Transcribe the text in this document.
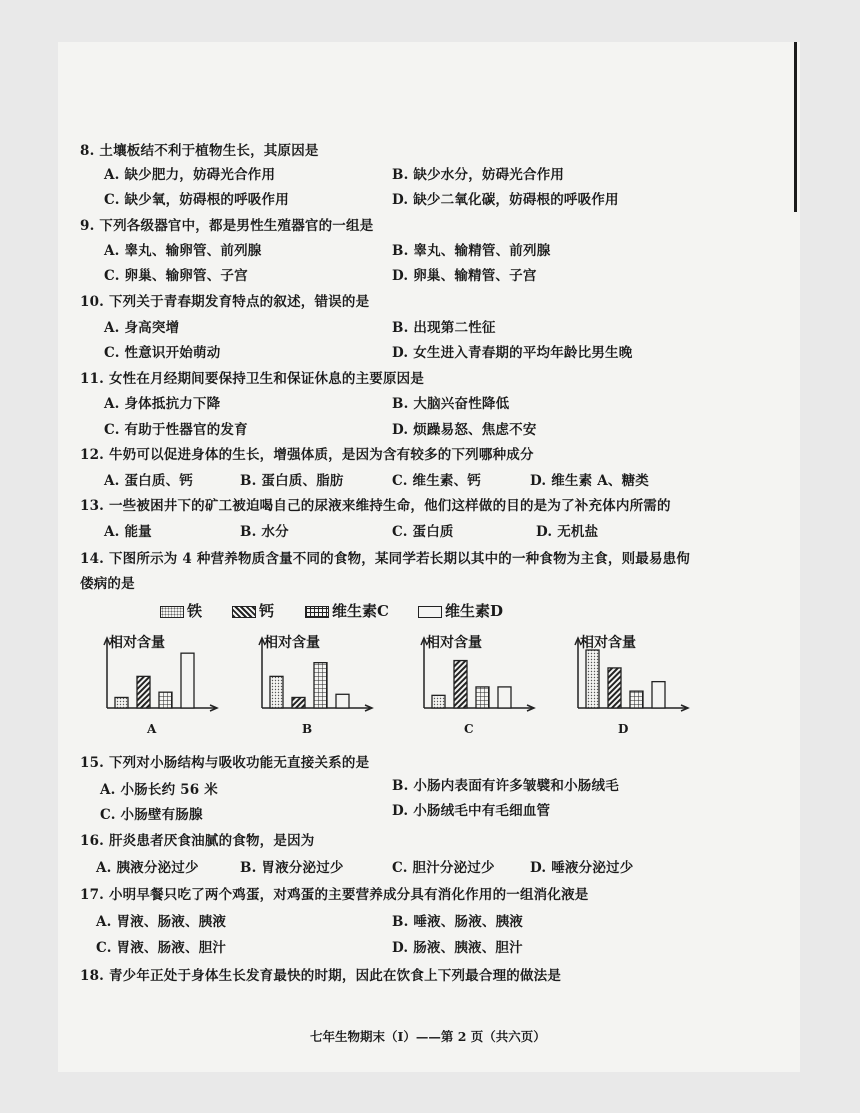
8. 土壤板结不利于植物生长，其原因是
A. 缺少肥力，妨碍光合作用	B. 缺少水分，妨碍光合作用
C. 缺少氧，妨碍根的呼吸作用	D. 缺少二氧化碳，妨碍根的呼吸作用
9. 下列各级器官中，都是男性生殖器官的一组是
A. 睾丸、输卵管、前列腺	B. 睾丸、输精管、前列腺
C. 卵巢、输卵管、子宫	D. 卵巢、输精管、子宫
10. 下列关于青春期发育特点的叙述，错误的是
A. 身高突增	B. 出现第二性征
C. 性意识开始萌动	D. 女生进入青春期的平均年龄比男生晚
11. 女性在月经期间要保持卫生和保证休息的主要原因是
A. 身体抵抗力下降	B. 大脑兴奋性降低
C. 有助于性器官的发育	D. 烦躁易怒、焦虑不安
12. 牛奶可以促进身体的生长，增强体质，是因为含有较多的下列哪种成分
A. 蛋白质、钙	B. 蛋白质、脂肪	C. 维生素、钙	D. 维生素 A、糖类
13. 一些被困井下的矿工被迫喝自己的尿液来维持生命，他们这样做的目的是为了补充体内所需的
A. 能量	B. 水分	C. 蛋白质	D. 无机盐
14. 下图所示为 4 种营养物质含量不同的食物，某同学若长期以其中的一种食物为主食，则最易患佝
偻病的是
铁	钙	维生素C	维生素D
相对含量
A
相对含量
B
相对含量
C
相对含量
D
15. 下列对小肠结构与吸收功能无直接关系的是
A. 小肠长约 56 米	B. 小肠内表面有许多皱襞和小肠绒毛
C. 小肠壁有肠腺	D. 小肠绒毛中有毛细血管
16. 肝炎患者厌食油腻的食物，是因为
A. 胰液分泌过少	B. 胃液分泌过少	C. 胆汁分泌过少	D. 唾液分泌过少
17. 小明早餐只吃了两个鸡蛋，对鸡蛋的主要营养成分具有消化作用的一组消化液是
A. 胃液、肠液、胰液	B. 唾液、肠液、胰液
C. 胃液、肠液、胆汁	D. 肠液、胰液、胆汁
18. 青少年正处于身体生长发育最快的时期，因此在饮食上下列最合理的做法是
七年生物期末（Ⅰ）——第 2 页（共六页）
